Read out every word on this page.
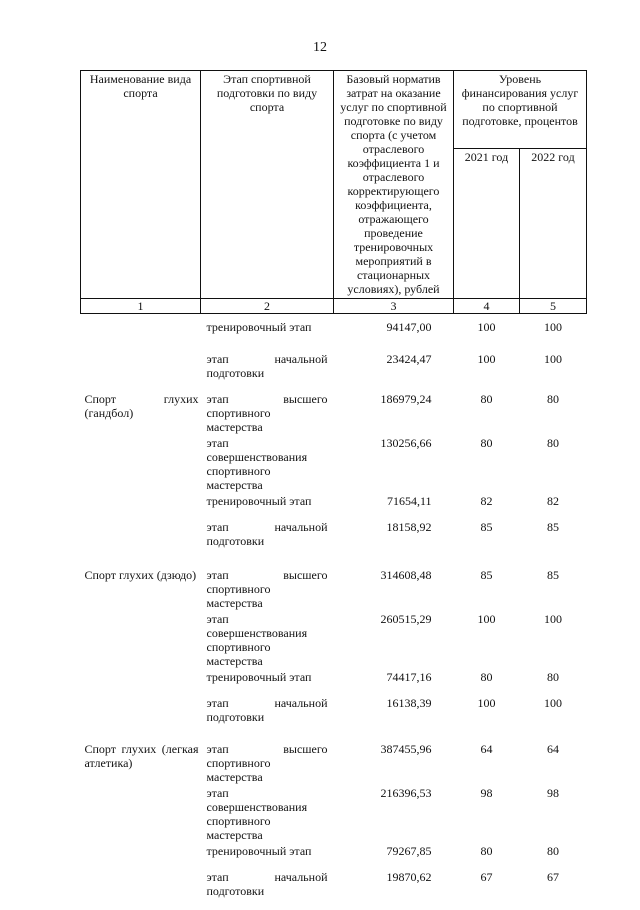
12
Наименование вида спорта	Этап спортивной подготовки по виду спорта	Базовый норматив затрат на оказание услуг по спортивной подготовке по виду спорта (с учетом отраслевого коэффициента 1 и отраслевого корректирующего коэффициента, отражающего проведение тренировочных мероприятий в стационарных условиях), рублей	Уровень финансирования услуг по спортивной подготовке, процентов	
			2021 год	2022 год
1	2	3	4	5
	тренировочный этап	94147,00	100	100
	этап начальной подготовки	23424,47	100	100
Спорт глухих (гандбол)	этап высшего спортивного мастерства	186979,24	80	80
	этап совершенствования спортивного мастерства	130256,66	80	80
	тренировочный этап	71654,11	82	82
	этап начальной подготовки	18158,92	85	85
Спорт глухих (дзюдо)	этап высшего спортивного мастерства	314608,48	85	85
	этап совершенствования спортивного мастерства	260515,29	100	100
	тренировочный этап	74417,16	80	80
	этап начальной подготовки	16138,39	100	100
Спорт глухих (легкая атлетика)	этап высшего спортивного мастерства	387455,96	64	64
	этап совершенствования спортивного мастерства	216396,53	98	98
	тренировочный этап	79267,85	80	80
	этап начальной подготовки	19870,62	67	67
